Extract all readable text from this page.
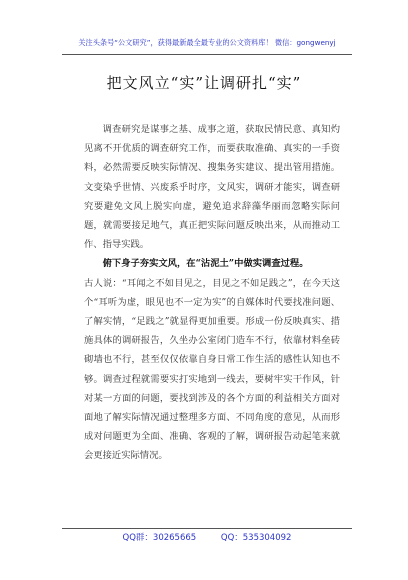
关注头条号“公文研究”，获得最新最全最专业的公文资料库！ 微信：gongwenyj
把文风立“实”让调研扎“实”

调查研究是谋事之基、成事之道，获取民情民意、真知灼见离不开优质的调查研究工作，而要获取准确、真实的一手资料，必然需要反映实际情况、搜集务实建议、提出管用措施。文变染乎世情、兴废系乎时序，文风实，调研才能实，调查研究要避免文风上脱实向虚，避免追求辞藻华丽而忽略实际问题，就需要接足地气，真正把实际问题反映出来，从而推动工作、指导实践。

俯下身子夯实文风，在“沾泥土”中做实调查过程。

古人说：“耳闻之不如目见之，目见之不如足践之”，在今天这个“耳听为虚，眼见也不一定为实”的自媒体时代要找准问题、了解实情，“足践之”就显得更加重要。形成一份反映真实、措施具体的调研报告，久坐办公室闭门造车不行，依靠材料垒砖砌墙也不行，甚至仅仅依靠自身日常工作生活的感性认知也不够。调查过程就需要实打实地到一线去，要树牢实干作风，针对某一方面的问题，要找到涉及的各个方面的利益相关方面对面地了解实际情况通过整理多方面、不同角度的意见，从而形成对问题更为全面、准确、客观的了解，调研报告动起笔来就会更接近实际情况。

QQ群：30265665	QQ：535304092
